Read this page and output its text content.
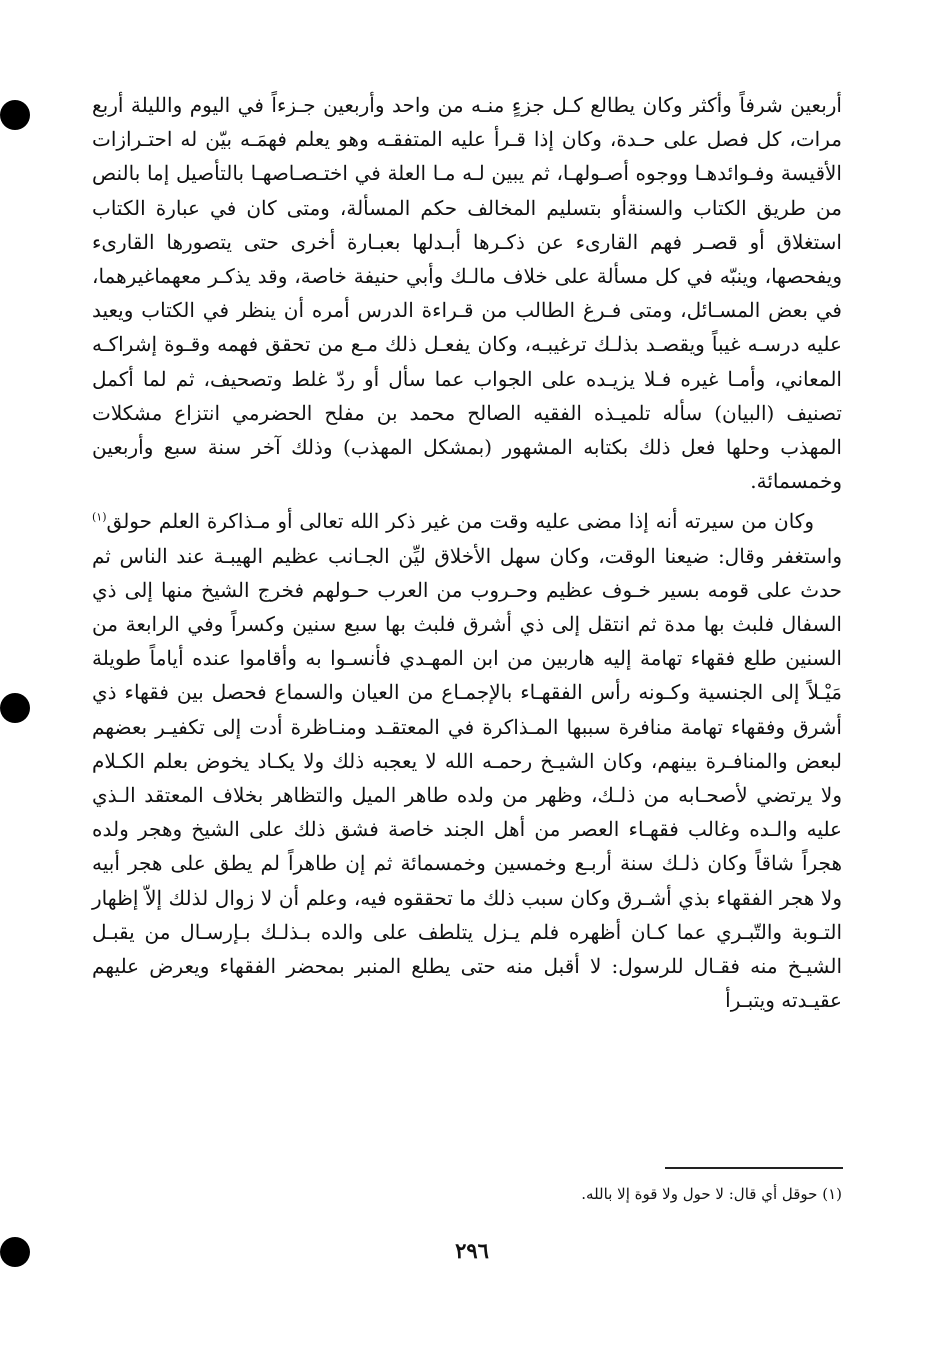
أربعين شرفاً وأكثر وكان يطالع كـل جزءٍ منـه من واحد وأربعين جـزءاً في اليوم والليلة أربع مرات، كل فصل على حـدة، وكان إذا قـرأ عليه المتفقـه وهو يعلم فهمَـه بيّن له احتـرازات الأقيسة وفـوائدهـا ووجوه أصـولهـا، ثم يبين لـه مـا العلة في اختـصـاصهـا بالتأصيل إما بالنص من طريق الكتاب والسنةأو بتسليم المخالف حكم المسألة، ومتى كان في عبارة الكتاب استغلاق أو قصـر فهم القارىء عن ذكـرها أبـدلها بعبـارة أخرى حتى يتصورها القارىء ويفحصها، وينبّه في كل مسألة على خلاف مالـك وأبي حنيفة خاصة، وقد يذكـر معهماغيرهما، في بعض المسـائل، ومتى فـرغ الطالب من قـراءة الدرس أمره أن ينظر في الكتاب ويعيد عليه درسـه غيباً ويقصـد بذلـك ترغيبـه، وكان يفعـل ذلك مـع من تحقق فهمه وقـوة إشراكـه المعاني، وأمـا غيره فـلا يزيـده على الجواب عما سأل أو ردّ غلط وتصحيف، ثم لما أكمل تصنيف (البيان) سأله تلميـذه الفقيه الصالح محمد بن مفلح الحضرمي انتزاع مشكلات المهذب وحلها فعل ذلك بكتابه المشهور (بمشكل المهذب) وذلك آخر سنة سبع وأربعين وخمسمائة.

وكان من سيرته أنه إذا مضى عليه وقت من غير ذكر الله تعالى أو مـذاكرة العلم حولق$^{(١)}$ واستغفر وقال: ضيعنا الوقت، وكان سهل الأخلاق ليِّن الجـانب عظيم الهيبـة عند الناس ثم حدث على قومه بسير خـوف عظيم وحـروب من العرب حـولهم فخرج الشيخ منها إلى ذي السفال فلبث بها مدة ثم انتقل إلى ذي أشرق فلبث بها سبع سنين وكسراً وفي الرابعة من السنين طلع فقهاء تهامة إليه هاربين من ابن المهـدي فأنسـوا به وأقاموا عنده أياماً طويلة مَيْـلاً إلى الجنسية وكـونه رأس الفقهـاء بالإجمـاع من العيان والسماع فحصل بين فقهاء ذي أشرق وفقهاء تهامة منافرة سببها المـذاكرة في المعتقـد ومنـاظرة أدت إلى تكفيـر بعضهم لبعض والمنافـرة بينهم، وكان الشيـخ رحمـه الله لا يعجبه ذلك ولا يكـاد يخوض بعلم الكـلام ولا يرتضي لأصحـابه من ذلـك، وظهر من ولده طاهر الميل والتظاهر بخلاف المعتقد الـذي عليه والـده وغالب فقهـاء العصر من أهل الجند خاصة فشق ذلك على الشيخ وهجر ولده هجراً شاقاً وكان ذلـك سنة أربـع وخمسين وخمسمائة ثم إن طاهراً لم يطق على هجر أبيه ولا هجر الفقهاء بذي أشـرق وكان سبب ذلك ما تحققوه فيه، وعلم أن لا زوال لذلك إلاّ إظهار التـوبة والتّبـري عما كـان أظهره فلم يـزل يتلطف على والده بـذلـك بـإرسـال من يقبـل الشيـخ منه فقـال للرسول: لا أقبل منه حتى يطلع المنبر بمحضر الفقهاء ويعرض عليهم عقيـدته ويتبـرأ

(١) حوقل أي قال: لا حول ولا قوة إلا بالله.
٢٩٦
